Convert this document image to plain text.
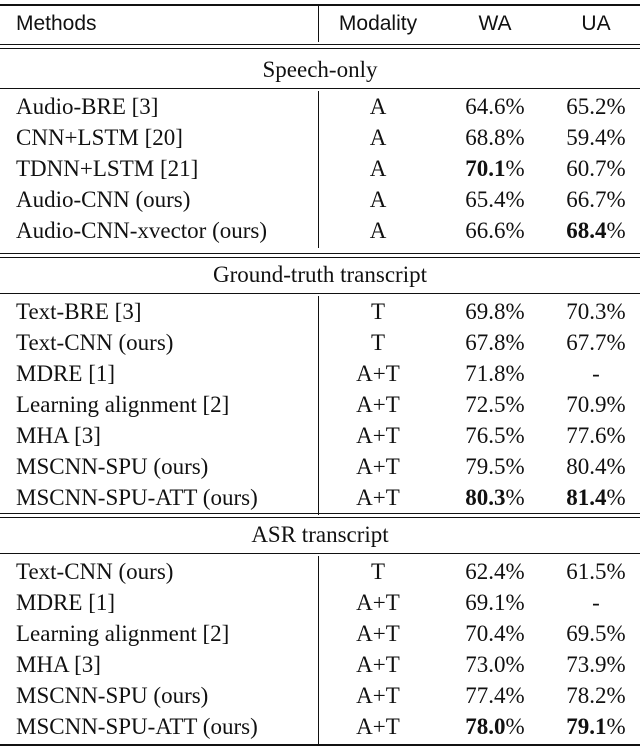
Methods	Modality	WA	UA
Speech-only
Audio-BRE [3]	A	64.6%	65.2%
CNN+LSTM [20]	A	68.8%	59.4%
TDNN+LSTM [21]	A	70.1%	60.7%
Audio-CNN (ours)	A	65.4%	66.7%
Audio-CNN-xvector (ours)	A	66.6%	68.4%
Ground-truth transcript
Text-BRE [3]	T	69.8%	70.3%
Text-CNN (ours)	T	67.8%	67.7%
MDRE [1]	A+T	71.8%	-
Learning alignment [2]	A+T	72.5%	70.9%
MHA [3]	A+T	76.5%	77.6%
MSCNN-SPU (ours)	A+T	79.5%	80.4%
MSCNN-SPU-ATT (ours)	A+T	80.3%	81.4%
ASR transcript
Text-CNN (ours)	T	62.4%	61.5%
MDRE [1]	A+T	69.1%	-
Learning alignment [2]	A+T	70.4%	69.5%
MHA [3]	A+T	73.0%	73.9%
MSCNN-SPU (ours)	A+T	77.4%	78.2%
MSCNN-SPU-ATT (ours)	A+T	78.0%	79.1%
